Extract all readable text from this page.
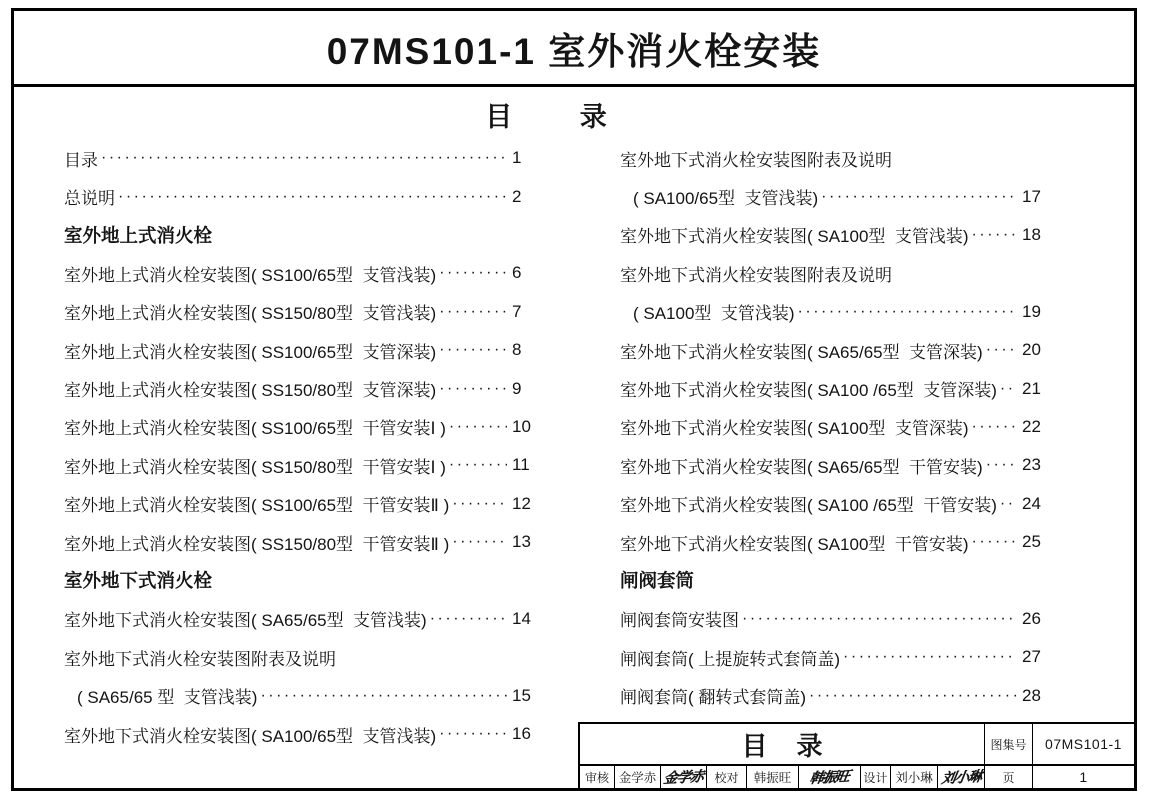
07MS101-1 室外消火栓安装
目         录
目录 ·····	1
总说明 ·····	2
室外地上式消火栓
室外地上式消火栓安装图( SS100/65型  支管浅装) ·····	6
室外地上式消火栓安装图( SS150/80型  支管浅装) ·····	7
室外地上式消火栓安装图( SS100/65型  支管深装) ·····	8
室外地上式消火栓安装图( SS150/80型  支管深装) ·····	9
室外地上式消火栓安装图( SS100/65型  干管安装Ⅰ ) ·····	10
室外地上式消火栓安装图( SS150/80型  干管安装Ⅰ ) ·····	11
室外地上式消火栓安装图( SS100/65型  干管安装Ⅱ ) ·····	12
室外地上式消火栓安装图( SS150/80型  干管安装Ⅱ ) ·····	13
室外地下式消火栓
室外地下式消火栓安装图( SA65/65型  支管浅装) ·····	14
室外地下式消火栓安装图附表及说明
( SA65/65 型  支管浅装) ·····	15
室外地下式消火栓安装图( SA100/65型  支管浅装) ·····	16
室外地下式消火栓安装图附表及说明
( SA100/65型  支管浅装) ·····	17
室外地下式消火栓安装图( SA100型  支管浅装) ·····	18
室外地下式消火栓安装图附表及说明
( SA100型  支管浅装) ·····	19
室外地下式消火栓安装图( SA65/65型  支管深装) ····· 20
室外地下式消火栓安装图( SA100 /65型  支管深装) ····· 21
室外地下式消火栓安装图( SA100型  支管深装) ·····	22
室外地下式消火栓安装图( SA65/65型  干管安装) ····· 23
室外地下式消火栓安装图( SA100 /65型  干管安装) ····· 24
室外地下式消火栓安装图( SA100型  干管安装) ·····	25
闸阀套筒
闸阀套筒安装图 ·····	26
闸阀套筒( 上提旋转式套筒盖) ·····	27
闸阀套筒( 翻转式套筒盖) ·····	28
目    录	图集号	07MS101-1
审核 金学赤 金学赤 校对	韩振旺	韩振旺 设计 刘小琳 刘小琳	页	1
